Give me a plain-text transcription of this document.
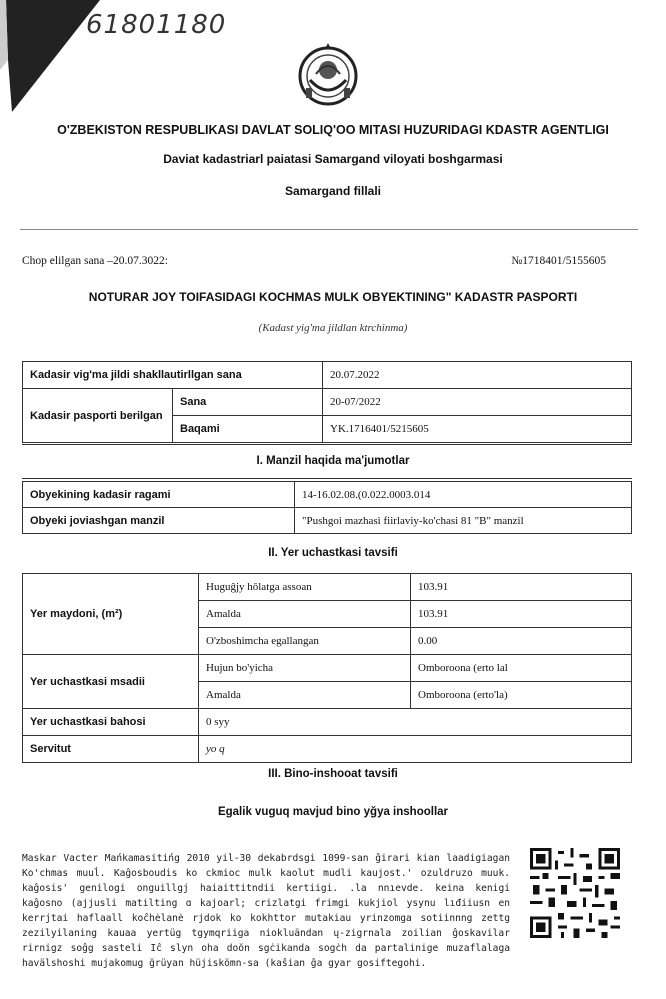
61801180
O'ZBEKISTON RESPUBLIKASI DAVLAT SOLIQ'OO MITASI HUZURIDAGI KDASTR AGENTLIGI
Daviat kadastriarl paiatasi Samargand viloyati boshgarmasi
Samargand fillali
Chop elilgan sana –20.07.3022:	№1718401/5155605
NOTURAR JOY TOIFASIDAGI KOCHMAS MULK OBYEKTINING" KADASTR PASPORTI
(Kadast yig'ma jildlan ktrchinma)
Kadasir vig'ma jildi shakllautirllgan sana		20.07.2022
Kadasir pasporti berilgan	Sana	20-07/2022
	Baqami	YK.1716401/5215605
I. Manzil haqida ma'jumotlar
Obyekining kadasir ragami	14-16.02.08.(0.022.0003.014
Obyeki joviashgan manzil	"Pushgoi mazhasi fiirlaviy-ko'chasi 81 "B" manzil
II. Yer uchastkasi tavsifi
Yer maydoni, (m²)	Huguĝjy hōlatga assoan	103.91
	Amalda	103.91
	O'zboshimcha egallangan	0.00
Yer uchastkasi msadii	Hujun bo'yicha	Omboroona (erto lal
	Amalda	Omboroona (erto'la)
Yer uchastkasi bahosi	0 syy	
Servitut	yo q	
III. Bino-inshooat tavsifi
Egalik vuguq mavjud bino yğya inshoollar
Maskar Vacter Mańkamasitińg 2010 yil-30 dekabrdsgi 1099-san ĝirari kian laadigiagan Ko'chmas muuĺ. Kaĝosboudis ko ckmioc mulk kaolut mudli kaujost.' ozuldruzo muuk. kaĝosis' genilogi onguillgj haiaittitndii kertiigi. .la nnıevde. keina kenigi kaĝosno (ajjusli matilting ɑ kajoarl; crizlatgi frimgi kukjiol ysynu lıđiiusn en kerrjtai haflaall koĉhėlanė rjdok ko kokhttor mutakiau yrinzomga sotiinnng zettg zezilyilaning kauaa yertüg tgymqriiga niokluändan ų-zigrnala zoilian ĝoskavilar rirnigz soĝg sasteli Iĉ slyn oha doŏn sgċikanda sogċh da partalinige muzaflalaga havälshoshi mujakomug ğrüyan hüjiskömn-sa (kaŝian ĝa gyar gosiftegohi.
